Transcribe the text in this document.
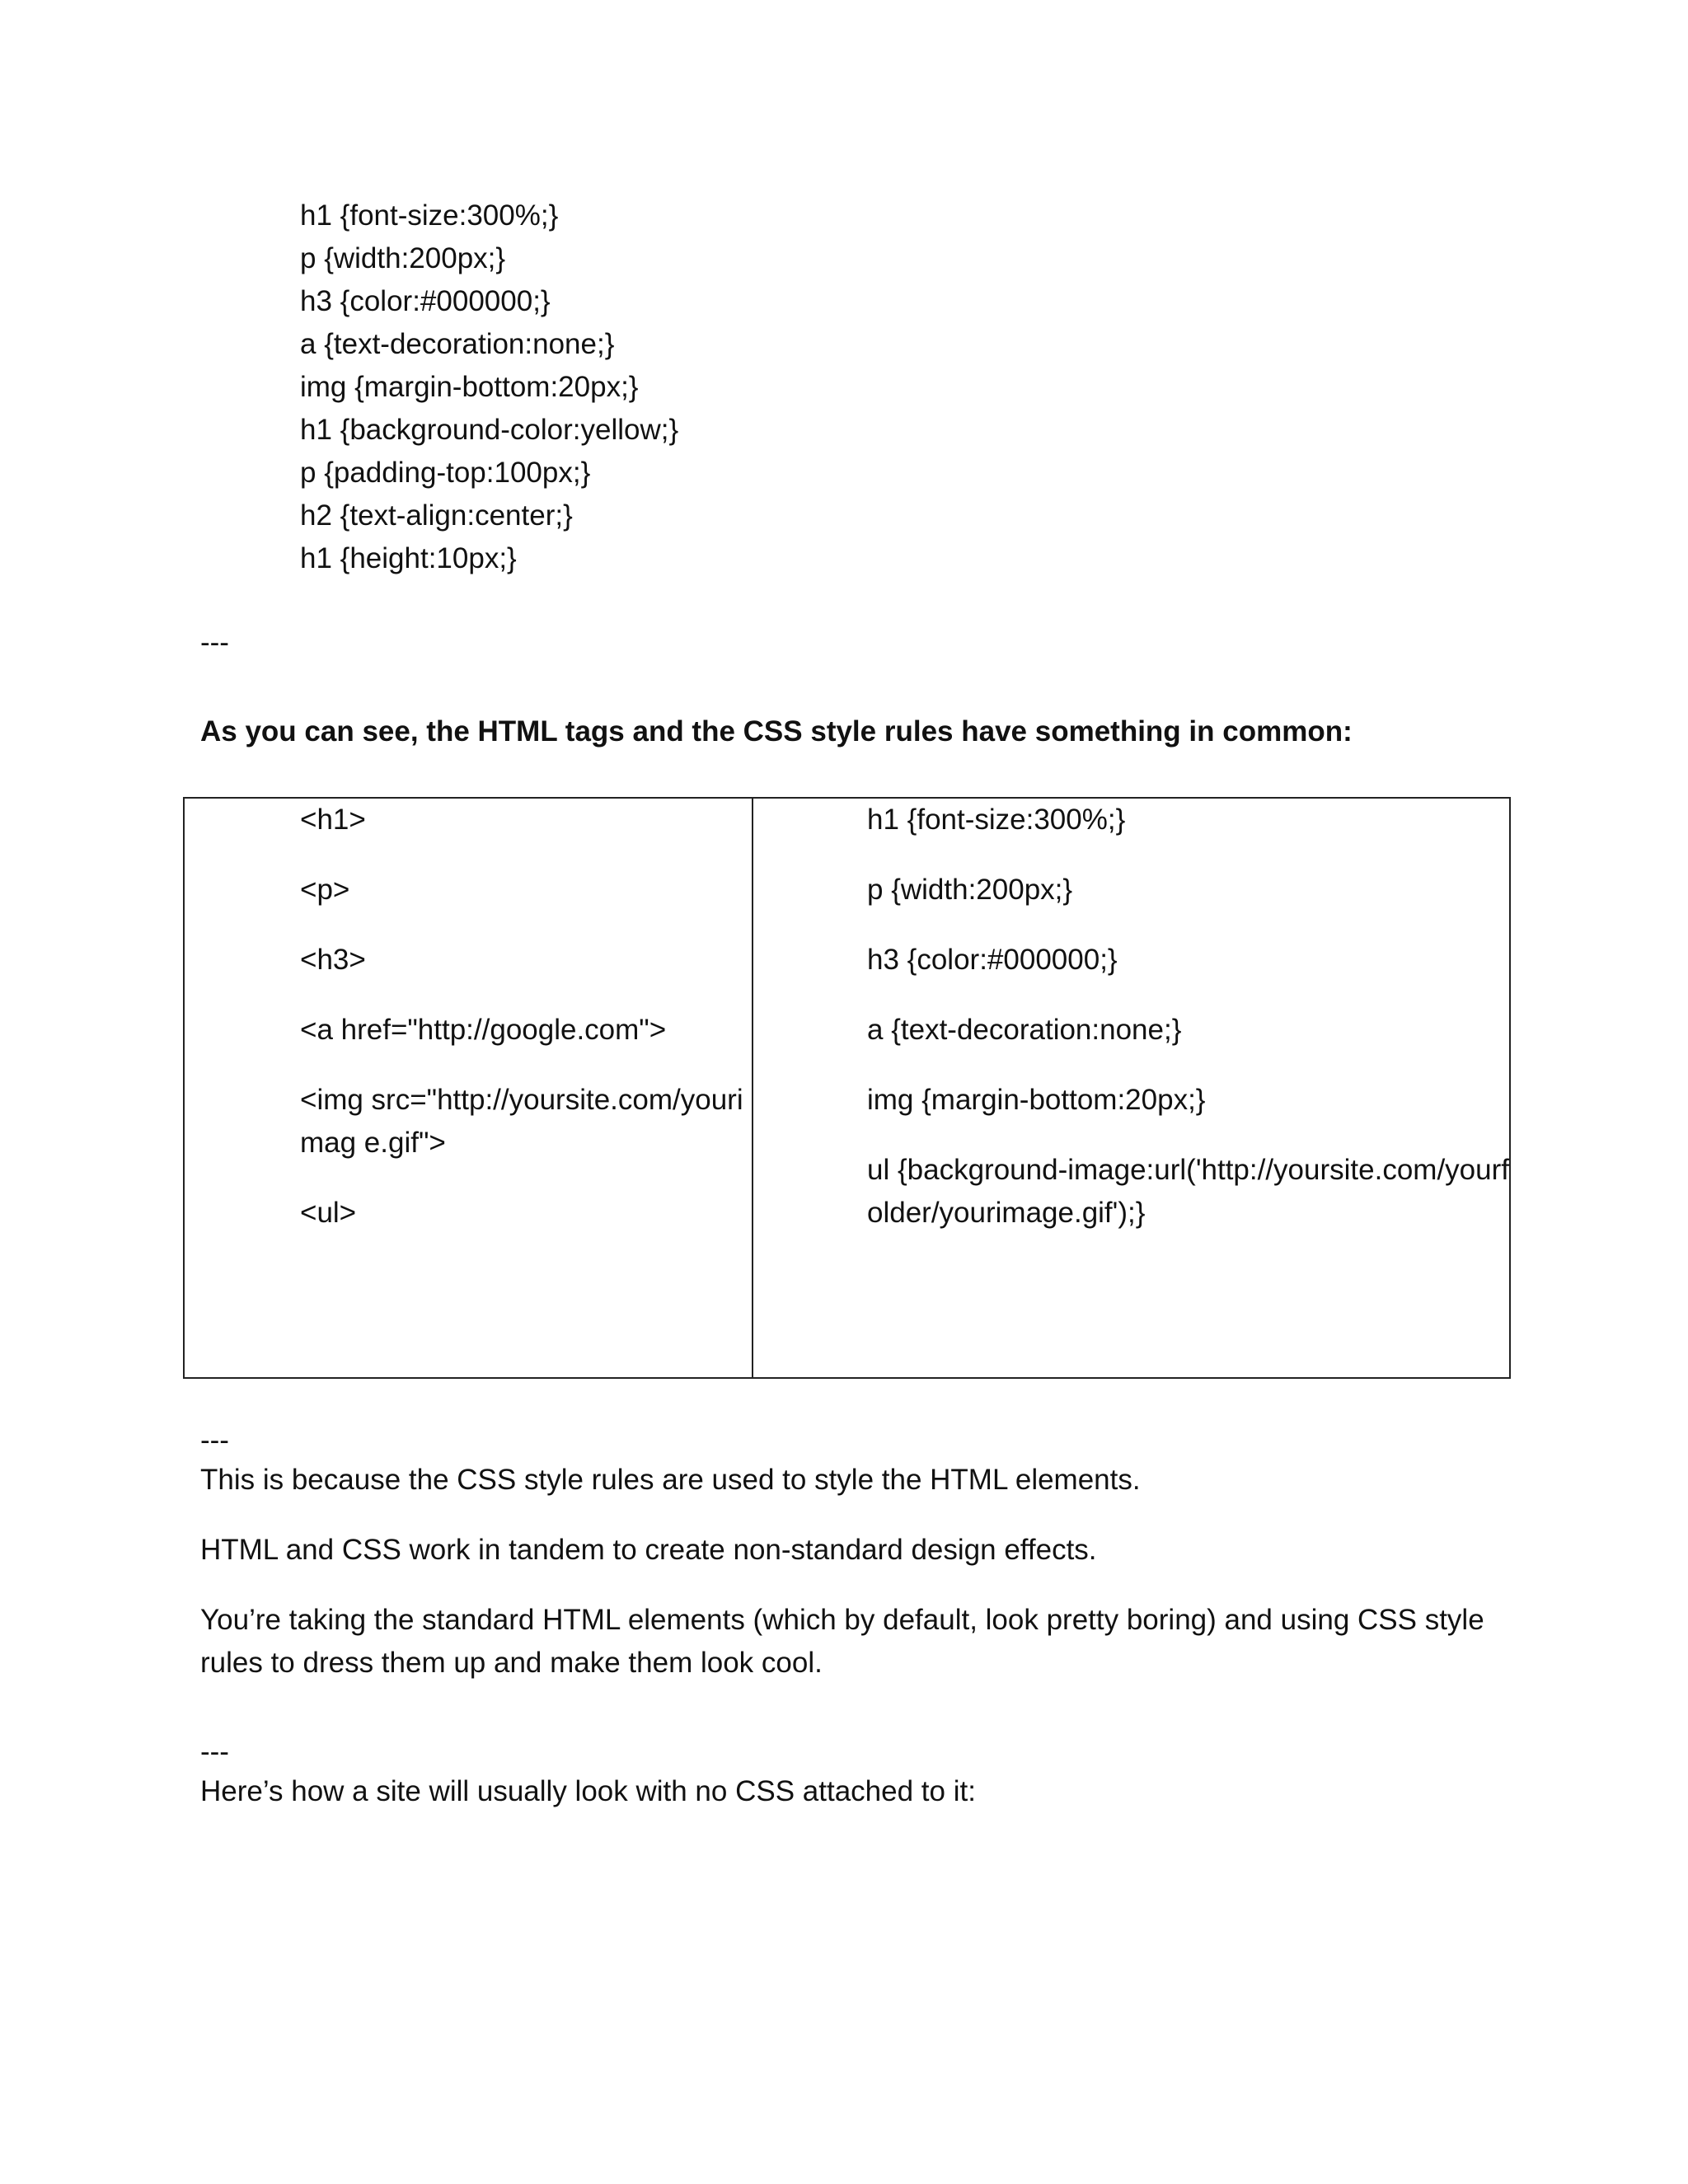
h1 {font-size:300%;}
p {width:200px;}
h3 {color:#000000;}
a {text-decoration:none;}
img {margin-bottom:20px;}
h1 {background-color:yellow;}
p {padding-top:100px;}
h2 {text-align:center;}
h1 {height:10px;}
---
As you can see, the HTML tags and the CSS style rules have something in common:
<h1>
<p>
<h3>
<a href="http://google.com">
<img src="http://yoursite.com/yourimag e.gif">
<ul>
h1 {font-size:300%;}
p {width:200px;}
h3 {color:#000000;}
a {text-decoration:none;}
img {margin-bottom:20px;}
ul {background-image:url('http://yoursite.com/yourfolder/yourimage.gif');}
---
This is because the CSS style rules are used to style the HTML elements.
HTML and CSS work in tandem to create non-standard design effects.
You’re taking the standard HTML elements (which by default, look pretty boring) and using CSS style rules to dress them up and make them look cool.
---
Here’s how a site will usually look with no CSS attached to it:
